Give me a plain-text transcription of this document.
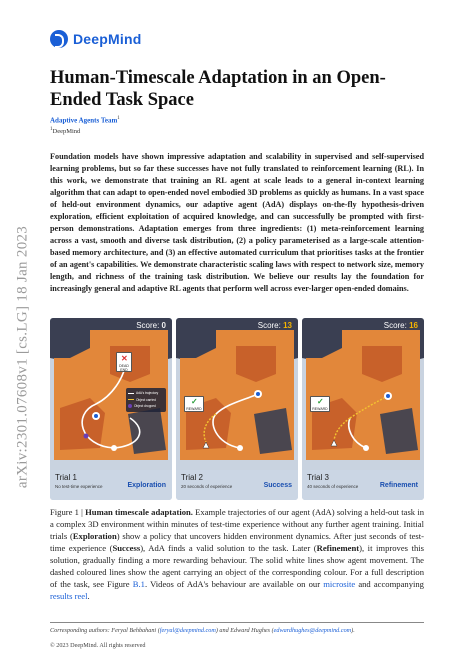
DeepMind
arXiv:2301.07608v1 [cs.LG] 18 Jan 2023
Human-Timescale Adaptation in an Open-Ended Task Space
Adaptive Agents Team$^1$
$^1$DeepMind

Foundation models have shown impressive adaptation and scalability in supervised and self-supervised learning problems, but so far these successes have not fully translated to reinforcement learning (RL). In this work, we demonstrate that training an RL agent at scale leads to a general in-context learning algorithm that can adapt to open-ended novel embodied 3D problems as quickly as humans. In a vast space of held-out environment dynamics, our adaptive agent (AdA) displays on-the-fly hypothesis-driven exploration, efficient exploitation of acquired knowledge, and can successfully be prompted with first-person demonstrations. Adaptation emerges from three ingredients: (1) meta-reinforcement learning across a vast, smooth and diverse task distribution, (2) a policy parameterised as a large-scale attention-based memory architecture, and (3) an effective automated curriculum that prioritises tasks at the frontier of an agent's capabilities. We demonstrate characteristic scaling laws with respect to network size, memory length, and richness of the training task distribution. We believe our results lay the foundation for increasingly general and adaptive RL agents that perform well across ever-larger open-ended domains.

Score: 0
✕
DEAD END
AdA's trajectory
Object carried
Object dropped
Trial 1
No test-time experience	Exploration
Score: 13
✓
REWARD
Trial 2
20 seconds of experience	Success
Score: 16
✓
REWARD
Trial 3
40 seconds of experience	Refinement

Figure 1 | Human timescale adaptation. Example trajectories of our agent (AdA) solving a held-out task in a complex 3D environment within minutes of test-time experience without any further agent training. Initial trials (Exploration) show a policy that uncovers hidden environment dynamics. After just seconds of test-time experience (Success), AdA finds a valid solution to the task. Later (Refinement), it improves this solution, gradually finding a more rewarding behaviour. The solid white lines show agent movement. The dashed coloured lines show the agent carrying an object of the corresponding colour. For a full description of the task, see Figure B.1. Videos of AdA's behaviour are available on our microsite and accompanying results reel.

Corresponding authors: Feryal Behbahani (feryal@deepmind.com) and Edward Hughes (edwardhughes@deepmind.com).
© 2023 DeepMind. All rights reserved
